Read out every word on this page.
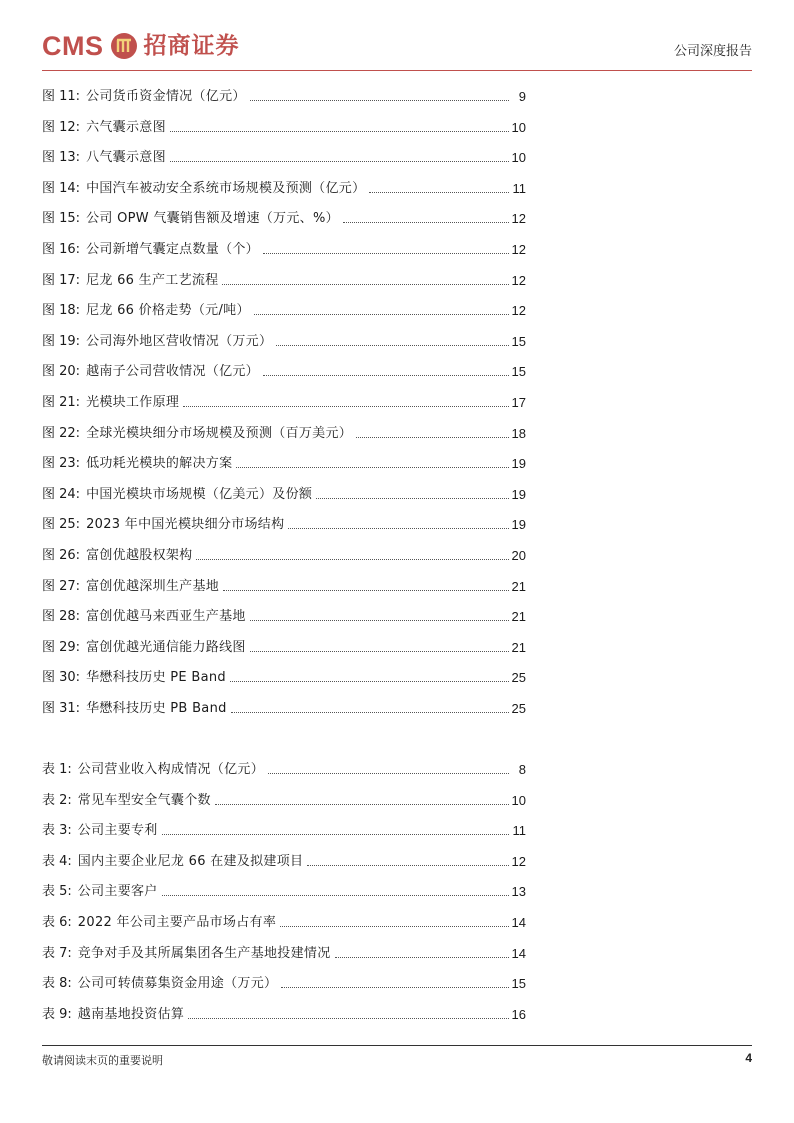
CMS 招商证券	公司深度报告
图 11: 公司货币资金情况（亿元）	9
图 12: 六气囊示意图	10
图 13: 八气囊示意图	10
图 14: 中国汽车被动安全系统市场规模及预测（亿元）	11
图 15: 公司 OPW 气囊销售额及增速（万元、%）	12
图 16: 公司新增气囊定点数量（个）	12
图 17: 尼龙 66 生产工艺流程	12
图 18: 尼龙 66 价格走势（元/吨）	12
图 19: 公司海外地区营收情况（万元）	15
图 20: 越南子公司营收情况（亿元）	15
图 21: 光模块工作原理	17
图 22: 全球光模块细分市场规模及预测（百万美元）	18
图 23: 低功耗光模块的解决方案	19
图 24: 中国光模块市场规模（亿美元）及份额	19
图 25: 2023 年中国光模块细分市场结构	19
图 26: 富创优越股权架构	20
图 27: 富创优越深圳生产基地	21
图 28: 富创优越马来西亚生产基地	21
图 29: 富创优越光通信能力路线图	21
图 30: 华懋科技历史 PE Band	25
图 31: 华懋科技历史 PB Band	25
表 1: 公司营业收入构成情况（亿元）	8
表 2: 常见车型安全气囊个数	10
表 3: 公司主要专利	11
表 4: 国内主要企业尼龙 66 在建及拟建项目	12
表 5: 公司主要客户	13
表 6: 2022 年公司主要产品市场占有率	14
表 7: 竞争对手及其所属集团各生产基地投建情况	14
表 8: 公司可转债募集资金用途（万元）	15
表 9: 越南基地投资估算	16
敬请阅读末页的重要说明	4
